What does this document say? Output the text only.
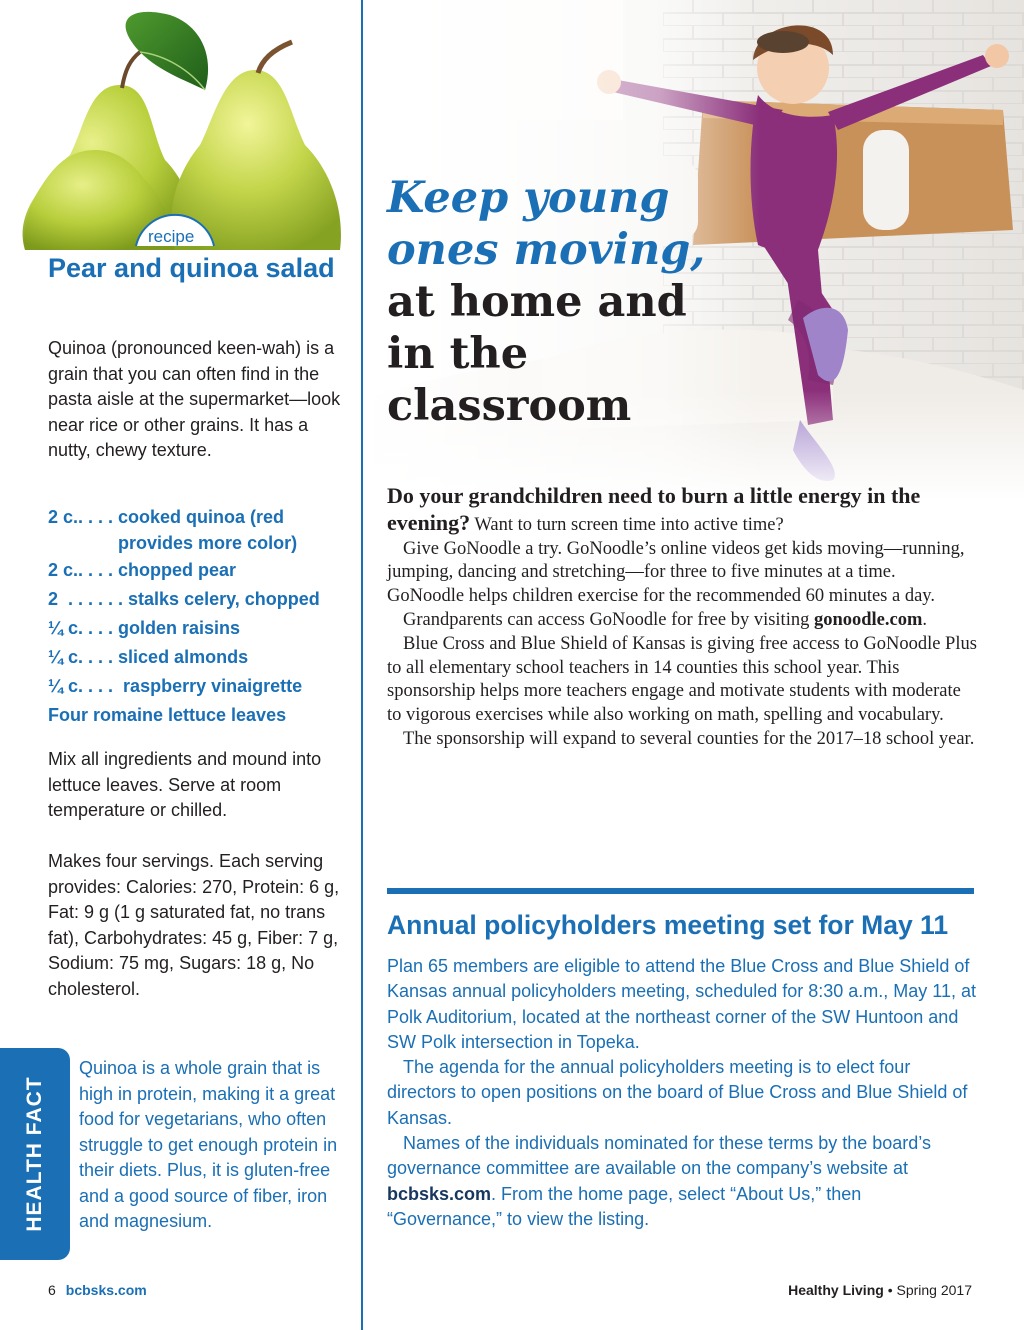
recipe
Pear and quinoa salad

Quinoa (pronounced keen-wah) is a grain that you can often find in the pasta aisle at the supermarket—look near rice or other grains. It has a nutty, chewy texture.

2 c.. . . . cooked quinoa (red provides more color)
2 c.. . . . chopped pear
2  . . . . . . stalks celery, chopped
¼ c. . . . golden raisins
¼ c. . . . sliced almonds
¼ c. . . . raspberry vinaigrette
Four romaine lettuce leaves

Mix all ingredients and mound into lettuce leaves. Serve at room temperature or chilled.

Makes four servings. Each serving provides: Calories: 270, Protein: 6 g, Fat: 9 g (1 g saturated fat, no trans fat), Carbohydrates: 45 g, Fiber: 7 g, Sodium: 75 mg, Sugars: 18 g, No cholesterol.

HEALTH FACT

Quinoa is a whole grain that is high in protein, making it a great food for vegetarians, who often struggle to get enough protein in their diets. Plus, it is gluten-free and a good source of fiber, iron and magnesium.

6 bcbsks.com
Keep young ones moving,
at home and in the classroom

Do your grandchildren need to burn a little energy in the evening? Want to turn screen time into active time?

Give GoNoodle a try. GoNoodle’s online videos get kids moving—running, jumping, dancing and stretching—for three to five minutes at a time. GoNoodle helps children exercise for the recommended 60 minutes a day.

Grandparents can access GoNoodle for free by visiting gonoodle.com.

Blue Cross and Blue Shield of Kansas is giving free access to GoNoodle Plus to all elementary school teachers in 14 counties this school year. This sponsorship helps more teachers engage and motivate students with moderate to vigorous exercises while also working on math, spelling and vocabulary.

The sponsorship will expand to several counties for the 2017–18 school year.

Annual policyholders meeting set for May 11

Plan 65 members are eligible to attend the Blue Cross and Blue Shield of Kansas annual policyholders meeting, scheduled for 8:30 a.m., May 11, at Polk Auditorium, located at the northeast corner of the SW Huntoon and SW Polk intersection in Topeka.

The agenda for the annual policyholders meeting is to elect four directors to open positions on the board of Blue Cross and Blue Shield of Kansas.

Names of the individuals nominated for these terms by the board’s governance committee are available on the company’s website at bcbsks.com. From the home page, select “About Us,” then “Governance,” to view the listing.

Healthy Living • Spring 2017
